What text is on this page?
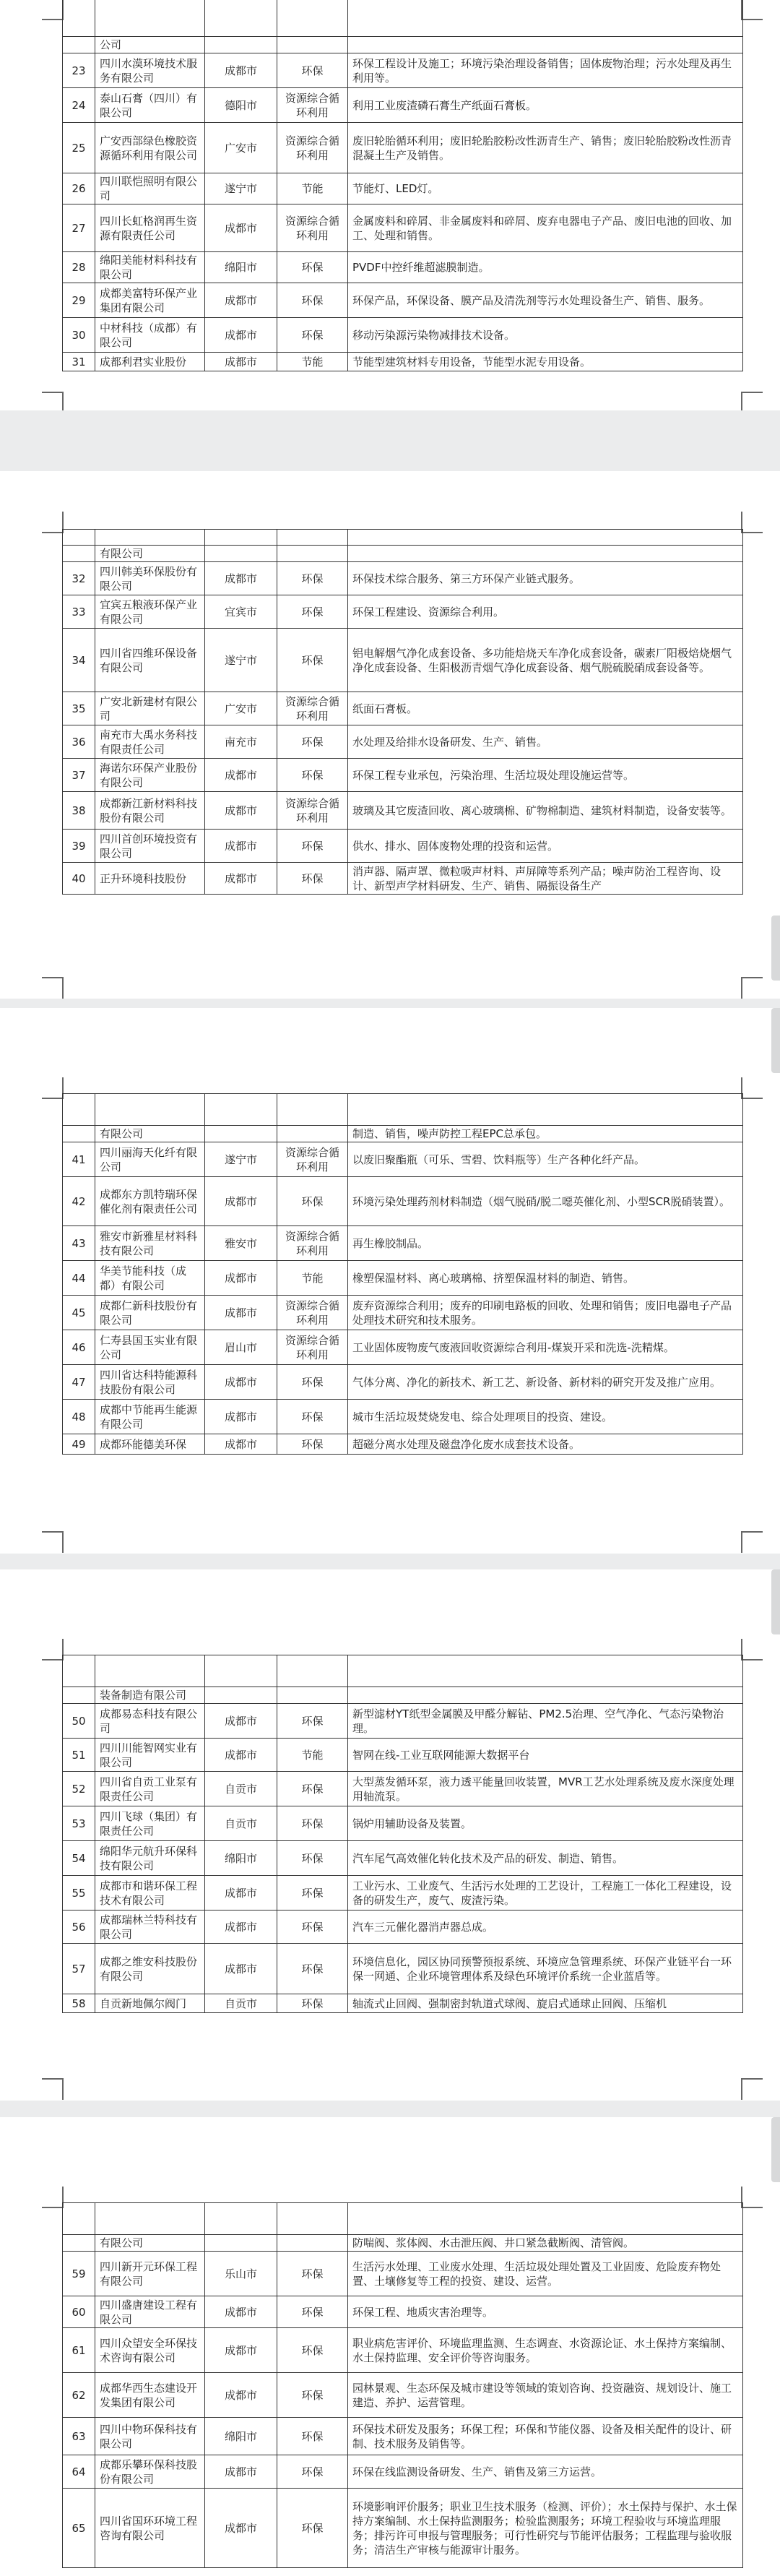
	公司			
23	四川水漠环境技术服务有限公司	成都市	环保	环保工程设计及施工；环境污染治理设备销售；固体废物治理；污水处理及再生利用等。
24	泰山石膏（四川）有限公司	德阳市	资源综合循环利用	利用工业废渣磷石膏生产纸面石膏板。
25	广安西部绿色橡胶资源循环利用有限公司	广安市	资源综合循环利用	废旧轮胎循环利用；废旧轮胎胶粉改性沥青生产、销售；废旧轮胎胶粉改性沥青混凝土生产及销售。
26	四川联恺照明有限公司	遂宁市	节能	节能灯、LED灯。
27	四川长虹格润再生资源有限责任公司	成都市	资源综合循环利用	金属废料和碎屑、非金属废料和碎屑、废弃电器电子产品、废旧电池的回收、加工、处理和销售。
28	绵阳美能材料科技有限公司	绵阳市	环保	PVDF中控纤维超滤膜制造。
29	成都美富特环保产业集团有限公司	成都市	环保	环保产品，环保设备、膜产品及清洗剂等污水处理设备生产、销售、服务。
30	中材科技（成都）有限公司	成都市	环保	移动污染源污染物减排技术设备。
31	成都利君实业股份	成都市	节能	节能型建筑材料专用设备，节能型水泥专用设备。

	有限公司			
32	四川韩美环保股份有限公司	成都市	环保	环保技术综合服务、第三方环保产业链式服务。
33	宜宾五粮液环保产业有限公司	宜宾市	环保	环保工程建设、资源综合利用。
34	四川省四维环保设备有限公司	遂宁市	环保	铝电解烟气净化成套设备、多功能焙烧天车净化成套设备，碳素厂阳极焙烧烟气净化成套设备、生阳极沥青烟气净化成套设备、烟气脱硫脱硝成套设备等。
35	广安北新建材有限公司	广安市	资源综合循环利用	纸面石膏板。
36	南充市大禹水务科技有限责任公司	南充市	环保	水处理及给排水设备研发、生产、销售。
37	海诺尔环保产业股份有限公司	成都市	环保	环保工程专业承包，污染治理、生活垃圾处理设施运营等。
38	成都新江新材料科技股份有限公司	成都市	资源综合循环利用	玻璃及其它废渣回收、离心玻璃棉、矿物棉制造、建筑材料制造，设备安装等。
39	四川首创环境投资有限公司	成都市	环保	供水、排水、固体废物处理的投资和运营。
40	正升环境科技股份	成都市	环保	消声器、隔声罩、微粒吸声材料、声屏障等系列产品；噪声防治工程咨询、设计、新型声学材料研发、生产、销售、隔振设备生产

	有限公司			制造、销售，噪声防控工程EPC总承包。
41	四川丽海天化纤有限公司	遂宁市	资源综合循环利用	以废旧聚酯瓶（可乐、雪碧、饮料瓶等）生产各种化纤产品。
42	成都东方凯特瑞环保催化剂有限责任公司	成都市	环保	环境污染处理药剂材料制造（烟气脱硝/脱二噁英催化剂、小型SCR脱硝装置）。
43	雅安市新雅星材料科技有限公司	雅安市	资源综合循环利用	再生橡胶制品。
44	华美节能科技（成都）有限公司	成都市	节能	橡塑保温材料、离心玻璃棉、挤塑保温材料的制造、销售。
45	成都仁新科技股份有限公司	成都市	资源综合循环利用	废弃资源综合利用；废弃的印刷电路板的回收、处理和销售；废旧电器电子产品处理技术研究和技术服务。
46	仁寿县国玉实业有限公司	眉山市	资源综合循环利用	工业固体废物废气废液回收资源综合利用-煤炭开采和洗选-洗精煤。
47	四川省达科特能源科技股份有限公司	成都市	环保	气体分离、净化的新技术、新工艺、新设备、新材料的研究开发及推广应用。
48	成都中节能再生能源有限公司	成都市	环保	城市生活垃圾焚烧发电、综合处理项目的投资、建设。
49	成都环能德美环保	成都市	环保	超磁分离水处理及磁盘净化废水成套技术设备。

	装备制造有限公司			
50	成都易态科技有限公司	成都市	环保	新型滤材YT纸型金属膜及甲醛分解钻、PM2.5治理、空气净化、气态污染物治理。
51	四川川能智网实业有限公司	成都市	节能	智网在线-工业互联网能源大数据平台
52	四川省自贡工业泵有限责任公司	自贡市	环保	大型蒸发循环泵，液力透平能量回收装置，MVR工艺水处理系统及废水深度处理用轴流泵。
53	四川飞球（集团）有限责任公司	自贡市	环保	锅炉用辅助设备及装置。
54	绵阳华元航升环保科技有限公司	绵阳市	环保	汽车尾气高效催化转化技术及产品的研发、制造、销售。
55	成都市和谐环保工程技术有限公司	成都市	环保	工业污水、工业废气、生活污水处理的工艺设计，工程施工一体化工程建设，设备的研发生产，废气、废渣污染。
56	成都瑞林兰特科技有限公司	成都市	环保	汽车三元催化器消声器总成。
57	成都之维安科技股份有限公司	成都市	环保	环境信息化，园区协同预警预报系统、环境应急管理系统、环保产业链平台一环保一网通、企业环境管理体系及绿色环境评价系统一企业蓝盾等。
58	自贡新地佩尔阀门	自贡市	环保	轴流式止回阀、强制密封轨道式球阀、旋启式通球止回阀、压缩机

	有限公司			防喘阀、浆体阀、水击泄压阀、井口紧急截断阀、清管阀。
59	四川新开元环保工程有限公司	乐山市	环保	生活污水处理、工业废水处理、生活垃圾处理处置及工业固废、危险废弃物处置、土壤修复等工程的投资、建设、运营。
60	四川盛唐建设工程有限公司	成都市	环保	环保工程、地质灾害治理等。
61	四川众望安全环保技术咨询有限公司	成都市	环保	职业病危害评价、环境监理监测、生态调查、水资源论证、水土保持方案编制、水土保持监理、安全评价等咨询服务。
62	成都华西生态建设开发集团有限公司	成都市	环保	园林景观、生态环保及城市建设等领域的策划咨询、投资融资、规划设计、施工建造、养护、运营管理。
63	四川中物环保科技有限公司	绵阳市	环保	环保技术研发及服务；环保工程；环保和节能仪器、设备及相关配件的设计、研制、技术服务及销售等。
64	成都乐攀环保科技股份有限公司	成都市	环保	环保在线监测设备研发、生产、销售及第三方运营。
65	四川省国环环境工程咨询有限公司	成都市	环保	环境影响评价服务；职业卫生技术服务（检测、评价）；水土保持与保护、水土保持方案编制、水土保持监测服务；检验监测服务；环境工程验收与环境监理服务；排污许可申报与管理服务；可行性研究与节能评估服务；工程监理与验收服务；清洁生产审核与能源审计服务。
